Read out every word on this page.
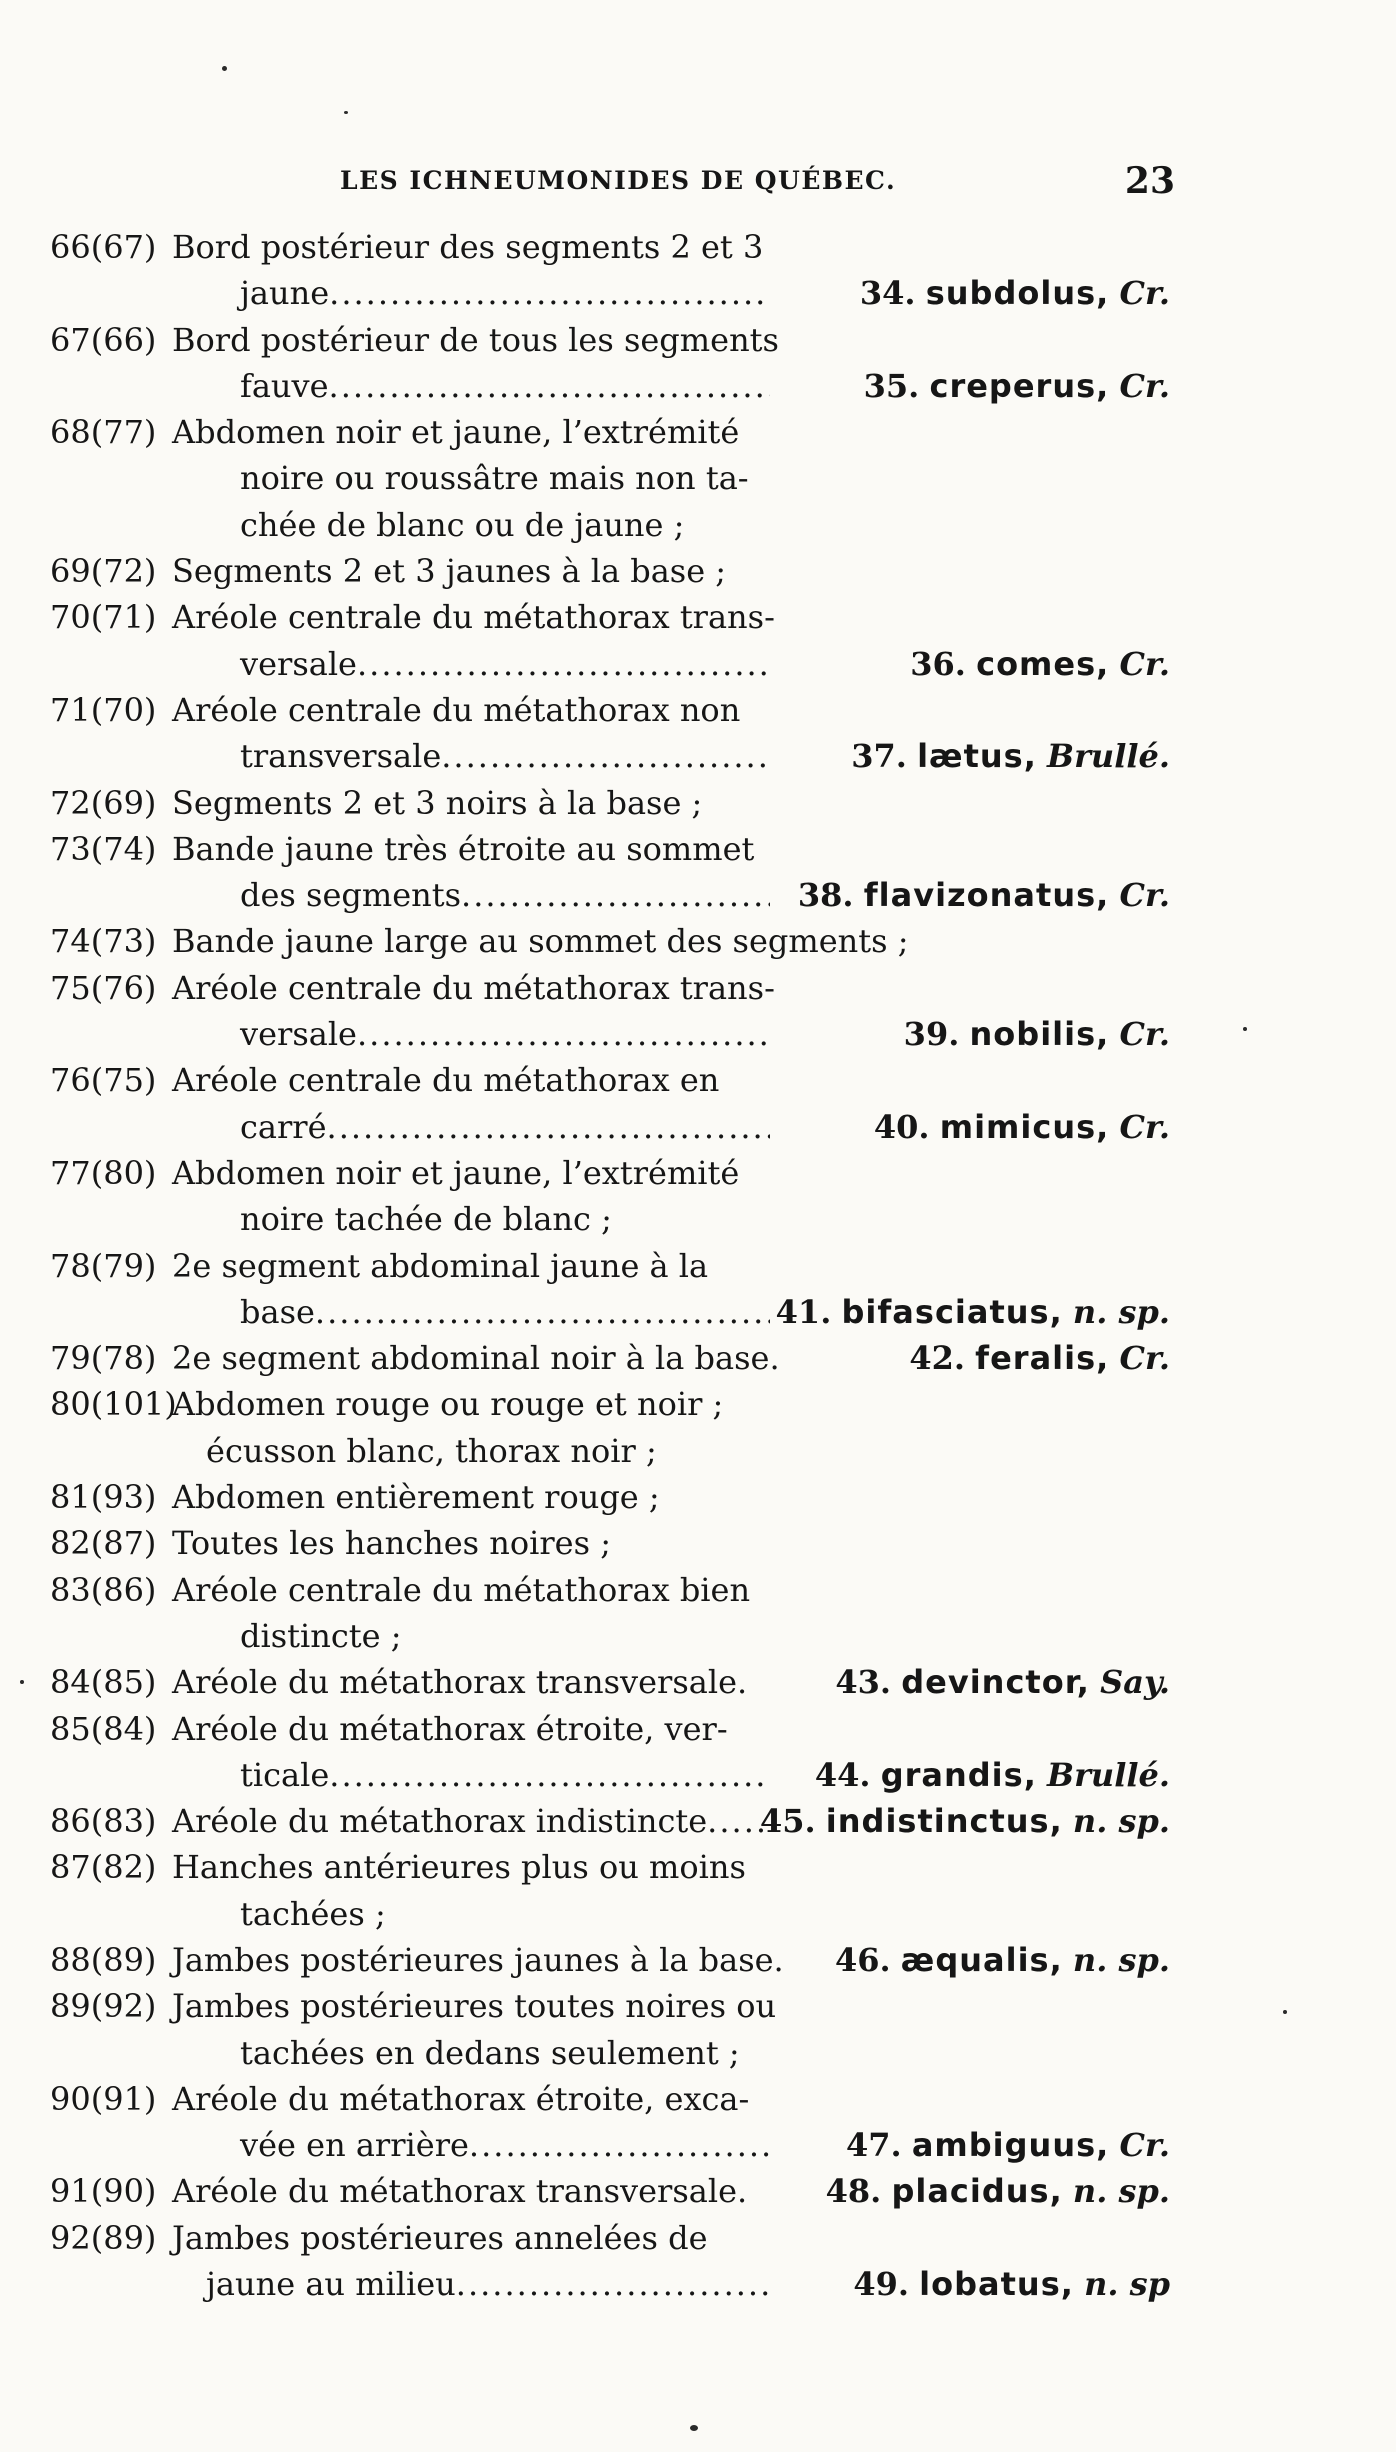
LES ICHNEUMONIDES DE QUÉBEC.	23
66(67) Bord postérieur des segments 2 et 3
jaune .....	34. subdolus, Cr.
67(66) Bord postérieur de tous les segments
fauve .....	35. creperus, Cr.
68(77) Abdomen noir et jaune, l’extrémité
noire ou roussâtre mais non ta-
chée de blanc ou de jaune ;
69(72) Segments 2 et 3 jaunes à la base ;
70(71) Aréole centrale du métathorax trans-
versale .....	36. comes, Cr.
71(70) Aréole centrale du métathorax non
transversale .....	37. lætus, Brullé.
72(69) Segments 2 et 3 noirs à la base ;
73(74) Bande jaune très étroite au sommet
des segments .....	38. flavizonatus, Cr.
74(73) Bande jaune large au sommet des segments ;
75(76) Aréole centrale du métathorax trans-
versale .....	39. nobilis, Cr.
76(75) Aréole centrale du métathorax en
carré .....	40. mimicus, Cr.
77(80) Abdomen noir et jaune, l’extrémité
noire tachée de blanc ;
78(79) 2e segment abdominal jaune à la
base .....	41. bifasciatus, n. sp.
79(78) 2e segment abdominal noir à la base.	42. feralis, Cr.
80(101)
Abdomen rouge ou rouge et noir ;
écusson blanc, thorax noir ;
81(93) Abdomen entièrement rouge ;
82(87) Toutes les hanches noires ;
83(86) Aréole centrale du métathorax bien
distincte ;
84(85) Aréole du métathorax transversale.	43. devinctor, Say.
85(84) Aréole du métathorax étroite, ver-
ticale .....	44. grandis, Brullé.
86(83) Aréole du métathorax indistincte ..... 45. indistinctus, n. sp.
87(82) Hanches antérieures plus ou moins
tachées ;
88(89) Jambes postérieures jaunes à la base. 46. æqualis, n. sp.
89(92) Jambes postérieures toutes noires ou
tachées en dedans seulement ;
90(91) Aréole du métathorax étroite, exca-
vée en arrière .....	47. ambiguus, Cr.
91(90) Aréole du métathorax transversale. 48. placidus, n. sp.
92(89) Jambes postérieures annelées de
jaune au milieu .....	49. lobatus, n. sp
